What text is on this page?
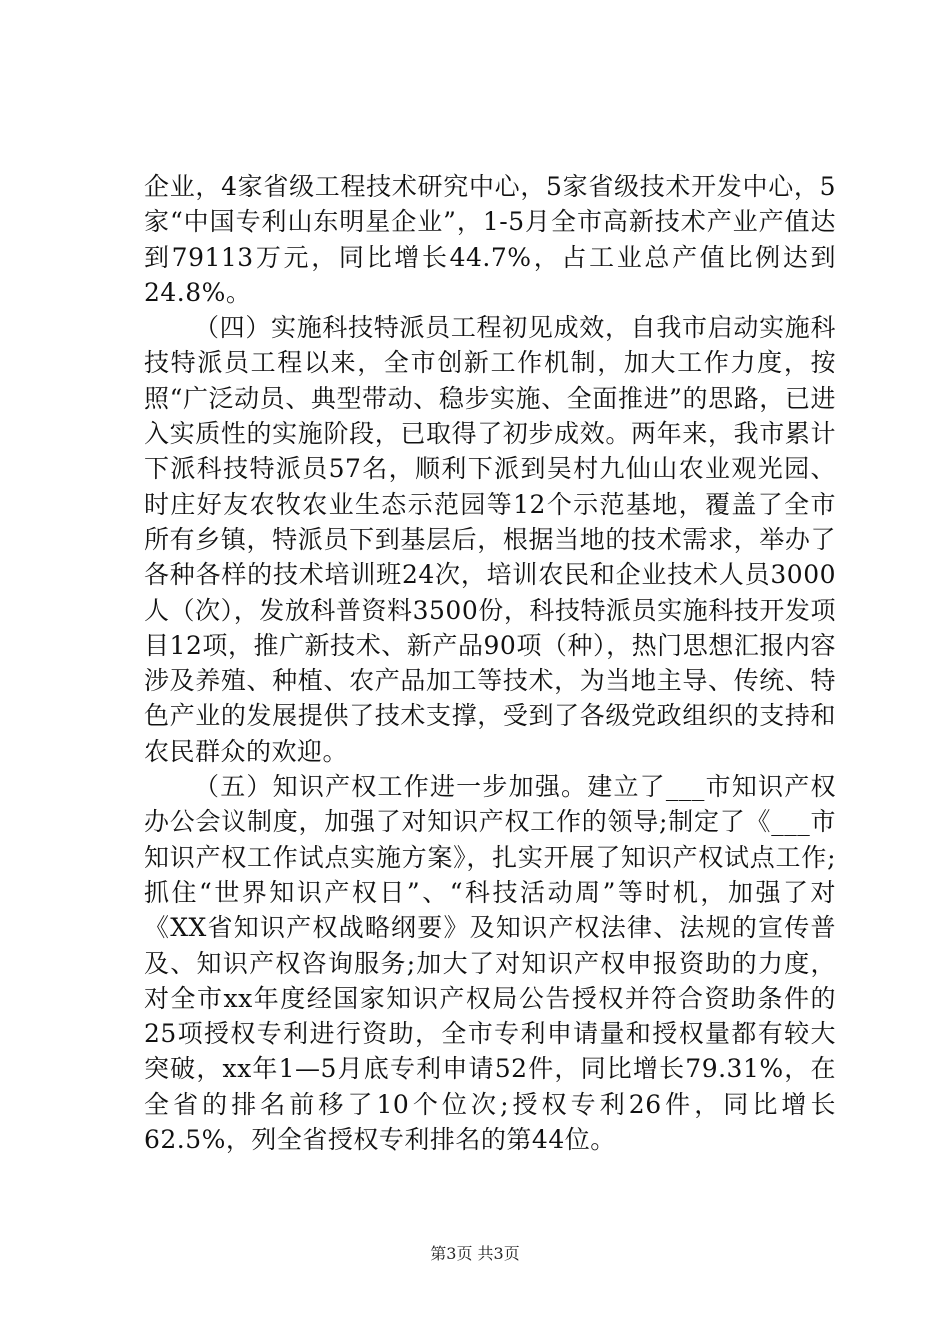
企业，4家省级工程技术研究中心，5家省级技术开发中心，5家“中国专利山东明星企业”，1-5月全市高新技术产业产值达到79113万元，同比增长44.7%，占工业总产值比例达到24.8%。

（四）实施科技特派员工程初见成效，自我市启动实施科技特派员工程以来，全市创新工作机制，加大工作力度，按照“广泛动员、典型带动、稳步实施、全面推进”的思路，已进入实质性的实施阶段，已取得了初步成效。两年来，我市累计下派科技特派员57名，顺利下派到吴村九仙山农业观光园、时庄好友农牧农业生态示范园等12个示范基地，覆盖了全市所有乡镇，特派员下到基层后，根据当地的技术需求，举办了各种各样的技术培训班24次，培训农民和企业技术人员3000人（次），发放科普资料3500份，科技特派员实施科技开发项目12项，推广新技术、新产品90项（种），热门思想汇报内容涉及养殖、种植、农产品加工等技术，为当地主导、传统、特色产业的发展提供了技术支撑，受到了各级党政组织的支持和农民群众的欢迎。

（五）知识产权工作进一步加强。建立了___市知识产权办公会议制度，加强了对知识产权工作的领导;制定了《___市知识产权工作试点实施方案》，扎实开展了知识产权试点工作;抓住“世界知识产权日”、“科技活动周”等时机，加强了对《XX省知识产权战略纲要》及知识产权法律、法规的宣传普及、知识产权咨询服务;加大了对知识产权申报资助的力度，对全市xx年度经国家知识产权局公告授权并符合资助条件的25项授权专利进行资助，全市专利申请量和授权量都有较大突破，xx年1—5月底专利申请52件，同比增长79.31%，在全省的排名前移了10个位次;授权专利26件，同比增长62.5%，列全省授权专利排名的第44位。

第3页 共3页
